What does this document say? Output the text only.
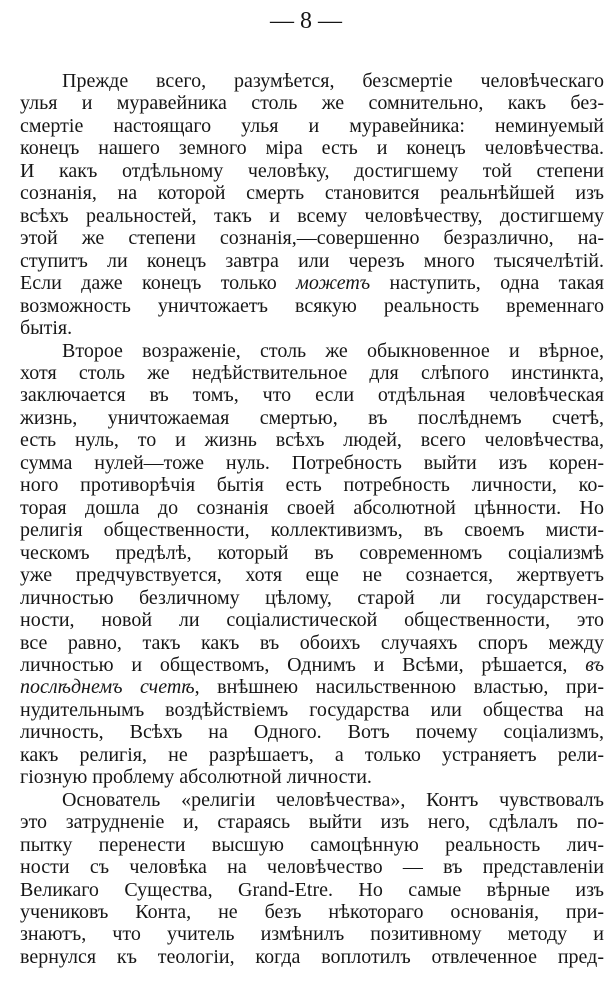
— 8 —
Прежде всего, разумѣется, безсмертіе человѣческаго
улья и муравейника столь же сомнительно, какъ без-
смертіе настоящаго улья и муравейника: неминуемый
конецъ нашего земного міра есть и конецъ человѣчества.
И какъ отдѣльному человѣку, достигшему той степени
сознанія, на которой смерть становится реальнѣйшей изъ
всѣхъ реальностей, такъ и всему человѣчеству, достигшему
этой же степени сознанія,—совершенно безразлично, на-
ступитъ ли конецъ завтра или черезъ много тысячелѣтій.
Если даже конецъ только можетъ наступить, одна такая
возможность уничтожаетъ всякую реальность временнаго
бытія.
Второе возраженіе, столь же обыкновенное и вѣрное,
хотя столь же недѣйствительное для слѣпого инстинкта,
заключается въ томъ, что если отдѣльная человѣческая
жизнь, уничтожаемая смертью, въ послѣднемъ счетѣ,
есть нуль, то и жизнь всѣхъ людей, всего человѣчества,
сумма нулей—тоже нуль. Потребность выйти изъ корен-
ного противорѣчія бытія есть потребность личности, ко-
торая дошла до сознанія своей абсолютной цѣнности. Но
религія общественности, коллективизмъ, въ своемъ мисти-
ческомъ предѣлѣ, который въ современномъ соціализмѣ
уже предчувствуется, хотя еще не сознается, жертвуетъ
личностью безличному цѣлому, старой ли государствен-
ности, новой ли соціалистической общественности, это
все равно, такъ какъ въ обоихъ случаяхъ споръ между
личностью и обществомъ, Однимъ и Всѣми, рѣшается, въ
послѣднемъ счетѣ, внѣшнею насильственною властью, при-
нудительнымъ воздѣйствіемъ государства или общества на
личность, Всѣхъ на Одного. Вотъ почему соціализмъ,
какъ религія, не разрѣшаетъ, а только устраняетъ рели-
гіозную проблему абсолютной личности.
Основатель «религіи человѣчества», Контъ чувствовалъ
это затрудненіе и, стараясь выйти изъ него, сдѣлалъ по-
пытку перенести высшую самоцѣнную реальность лич-
ности съ человѣка на человѣчество — въ представленіи
Великаго Существа, Grand-Etre. Но самые вѣрные изъ
учениковъ Конта, не безъ нѣкотораго основанія, при-
знаютъ, что учитель измѣнилъ позитивному методу и
вернулся къ теологіи, когда воплотилъ отвлеченное пред-
